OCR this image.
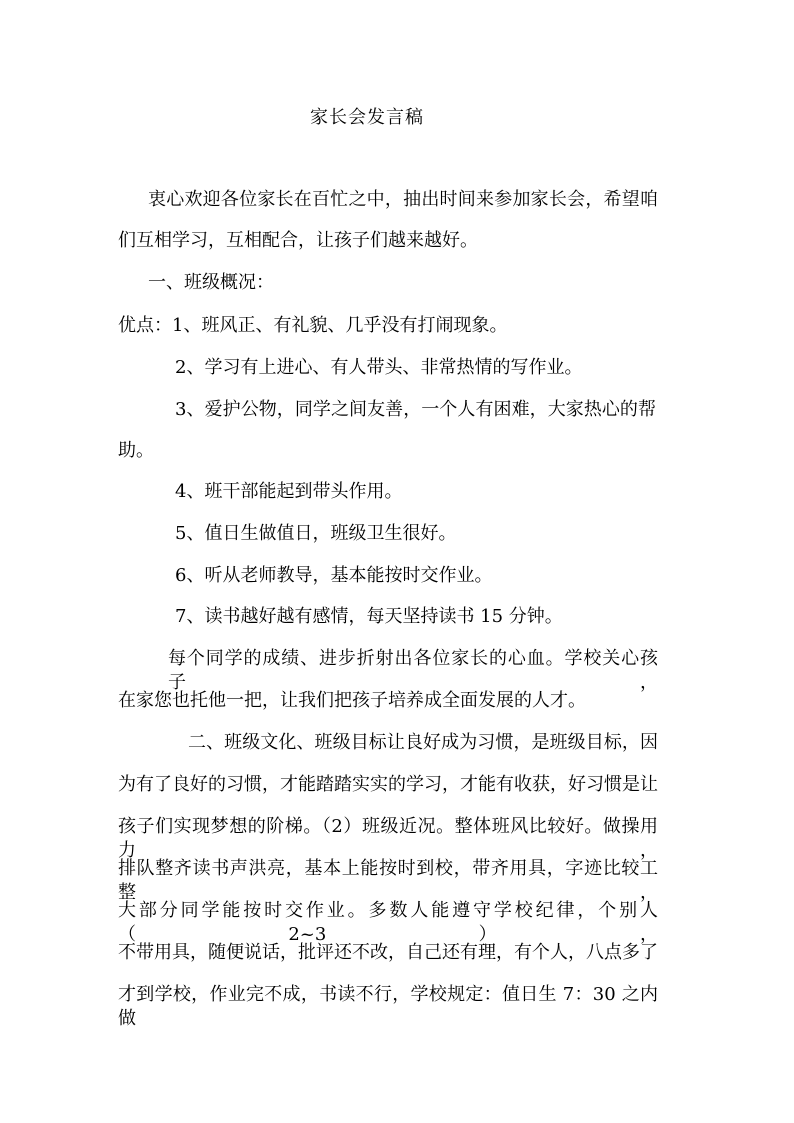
家长会发言稿
衷心欢迎各位家长在百忙之中，抽出时间来参加家长会，希望咱
们互相学习，互相配合，让孩子们越来越好。
一、班级概况：
优点：1、班风正、有礼貌、几乎没有打闹现象。
2、学习有上进心、有人带头、非常热情的写作业。
3、爱护公物，同学之间友善，一个人有困难，大家热心的帮
助。
4、班干部能起到带头作用。
5、值日生做值日，班级卫生很好。
6、听从老师教导，基本能按时交作业。
7、读书越好越有感情，每天坚持读书 15 分钟。
每个同学的成绩、进步折射出各位家长的心血。学校关心孩子，
在家您也托他一把，让我们把孩子培养成全面发展的人才。
二、班级文化、班级目标让良好成为习惯，是班级目标，因
为有了良好的习惯，才能踏踏实实的学习，才能有收获，好习惯是让
孩子们实现梦想的阶梯。（2）班级近况。整体班风比较好。做操用力，
排队整齐读书声洪亮，基本上能按时到校，带齐用具，字迹比较工整，
大部分同学能按时交作业。多数人能遵守学校纪律，个别人（2~3），
不带用具，随便说话，批评还不改，自己还有理，有个人，八点多了
才到学校，作业完不成，书读不行，学校规定：值日生 7：30 之内做
